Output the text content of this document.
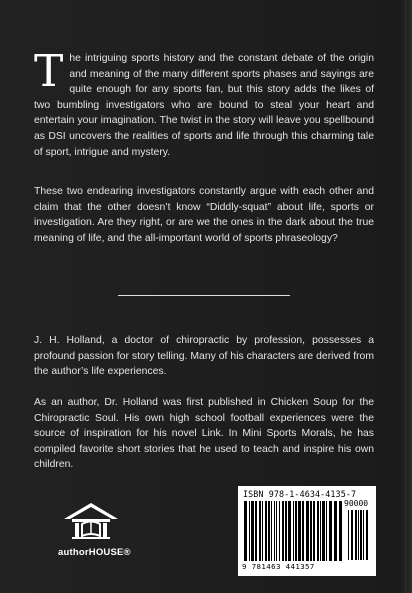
The intriguing sports history and the constant debate of the origin and meaning of the many different sports phases and sayings are quite enough for any sports fan, but this story adds the likes of two bumbling investigators who are bound to steal your heart and entertain your imagination. The twist in the story will leave you spellbound as DSI uncovers the realities of sports and life through this charming tale of sport, intrigue and mystery.
These two endearing investigators constantly argue with each other and claim that the other doesn’t know “Diddly-squat” about life, sports or investigation. Are they right, or are we the ones in the dark about the true meaning of life, and the all-important world of sports phraseology?
J. H. Holland, a doctor of chiropractic by profession, possesses a profound passion for story telling. Many of his characters are derived from the author’s life experiences.
As an author, Dr. Holland was first published in Chicken Soup for the Chiropractic Soul. His own high school football experiences were the source of inspiration for his novel Link. In Mini Sports Morals, he has compiled favorite short stories that he used to teach and inspire his own children.
authorHOUSE®
ISBN 978-1-4634-4135-7
90000
9 781463 441357
